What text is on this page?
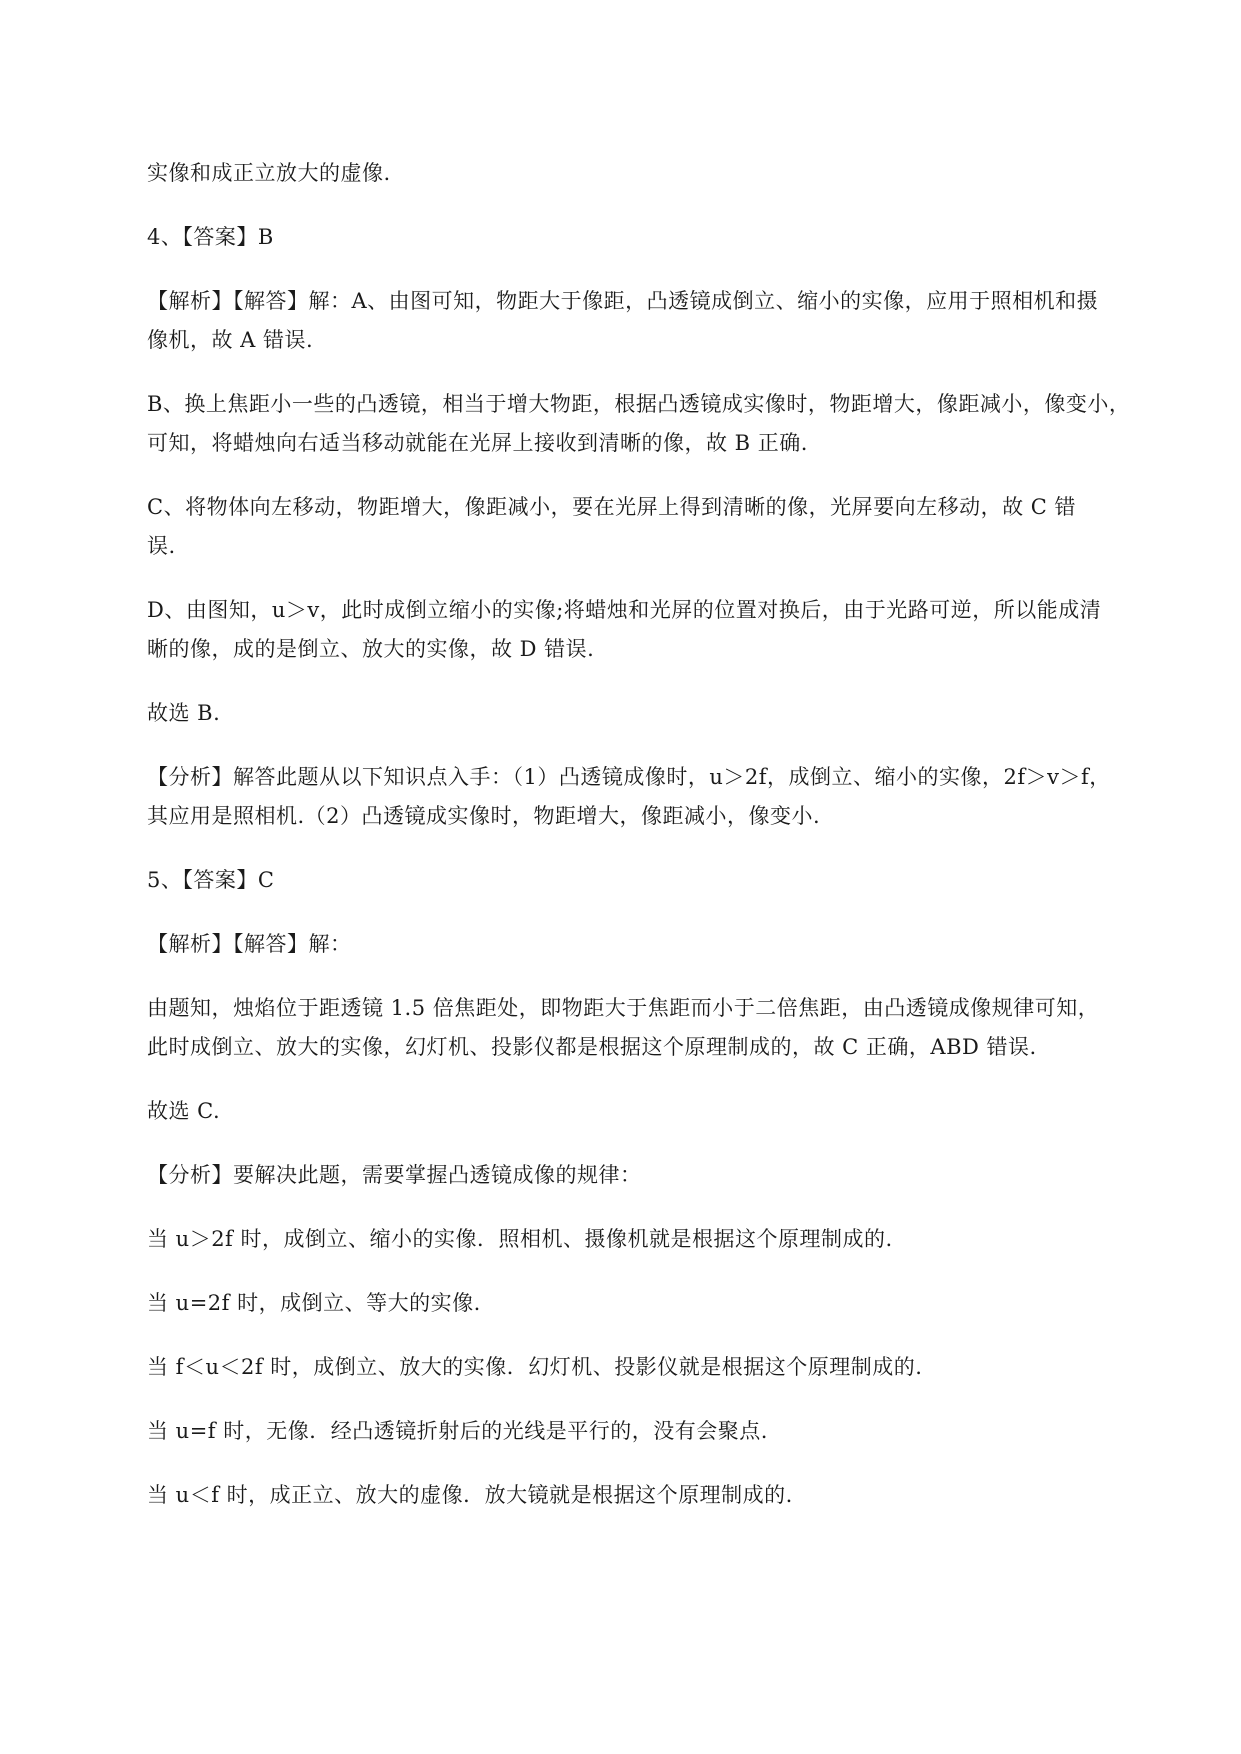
实像和成正立放大的虚像.

4、【答案】B

【解析】【解答】解：A、由图可知，物距大于像距，凸透镜成倒立、缩小的实像，应用于照相机和摄
像机，故 A 错误.

B、换上焦距小一些的凸透镜，相当于增大物距，根据凸透镜成实像时，物距增大，像距减小，像变小，
可知，将蜡烛向右适当移动就能在光屏上接收到清晰的像，故 B 正确.

C、将物体向左移动，物距增大，像距减小，要在光屏上得到清晰的像，光屏要向左移动，故 C 错
误.

D、由图知，u＞v，此时成倒立缩小的实像;将蜡烛和光屏的位置对换后，由于光路可逆，所以能成清
晰的像，成的是倒立、放大的实像，故 D 错误.

故选 B.

【分析】解答此题从以下知识点入手：（1）凸透镜成像时，u＞2f，成倒立、缩小的实像，2f＞v＞f，
其应用是照相机.（2）凸透镜成实像时，物距增大，像距减小，像变小.

5、【答案】C

【解析】【解答】解：

由题知，烛焰位于距透镜 1.5 倍焦距处，即物距大于焦距而小于二倍焦距，由凸透镜成像规律可知，
此时成倒立、放大的实像，幻灯机、投影仪都是根据这个原理制成的，故 C 正确，ABD 错误.

故选 C.

【分析】要解决此题，需要掌握凸透镜成像的规律：

当 u＞2f 时，成倒立、缩小的实像．照相机、摄像机就是根据这个原理制成的.

当 u=2f 时，成倒立、等大的实像.

当 f＜u＜2f 时，成倒立、放大的实像．幻灯机、投影仪就是根据这个原理制成的.

当 u=f 时，无像．经凸透镜折射后的光线是平行的，没有会聚点.

当 u＜f 时，成正立、放大的虚像．放大镜就是根据这个原理制成的.
